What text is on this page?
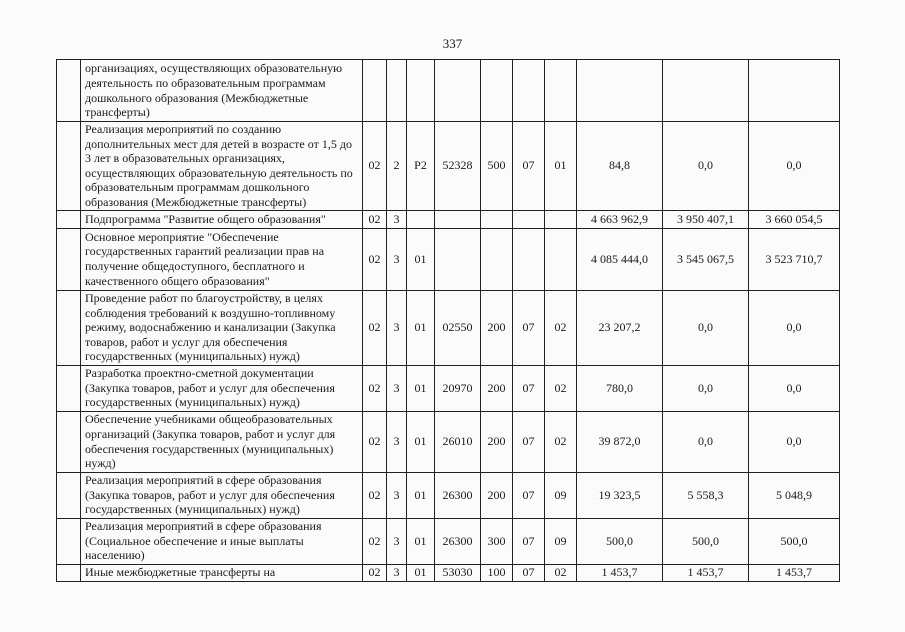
337
	организациях, осуществляющих образовательную деятельность по образовательным программам дошкольного образования (Межбюджетные трансферты)										
	Реализация мероприятий по созданию дополнительных мест для детей в возрасте от 1,5 до 3 лет в образовательных организациях, осуществляющих образовательную деятельность по образовательным программам дошкольного образования (Межбюджетные трансферты)	02	2	Р2	52328	500	07	01	84,8	0,0	0,0
	Подпрограмма "Развитие общего образования"	02	3						4 663 962,9	3 950 407,1	3 660 054,5
	Основное мероприятие "Обеспечение государственных гарантий реализации прав на получение общедоступного, бесплатного и качественного общего образования"	02	3	01					4 085 444,0	3 545 067,5	3 523 710,7
	Проведение работ по благоустройству, в целях соблюдения требований к воздушно-топливному режиму, водоснабжению и канализации (Закупка товаров, работ и услуг для обеспечения государственных (муниципальных) нужд)	02	3	01	02550	200	07	02	23 207,2	0,0	0,0
	Разработка проектно-сметной документации (Закупка товаров, работ и услуг для обеспечения государственных (муниципальных) нужд)	02	3	01	20970	200	07	02	780,0	0,0	0,0
	Обеспечение учебниками общеобразовательных организаций (Закупка товаров, работ и услуг для обеспечения государственных (муниципальных) нужд)	02	3	01	26010	200	07	02	39 872,0	0,0	0,0
	Реализация мероприятий в сфере образования (Закупка товаров, работ и услуг для обеспечения государственных (муниципальных) нужд)	02	3	01	26300	200	07	09	19 323,5	5 558,3	5 048,9
	Реализация мероприятий в сфере образования (Социальное обеспечение и иные выплаты населению)	02	3	01	26300	300	07	09	500,0	500,0	500,0
	Иные межбюджетные трансферты на	02	3	01	53030	100	07	02	1 453,7	1 453,7	1 453,7
